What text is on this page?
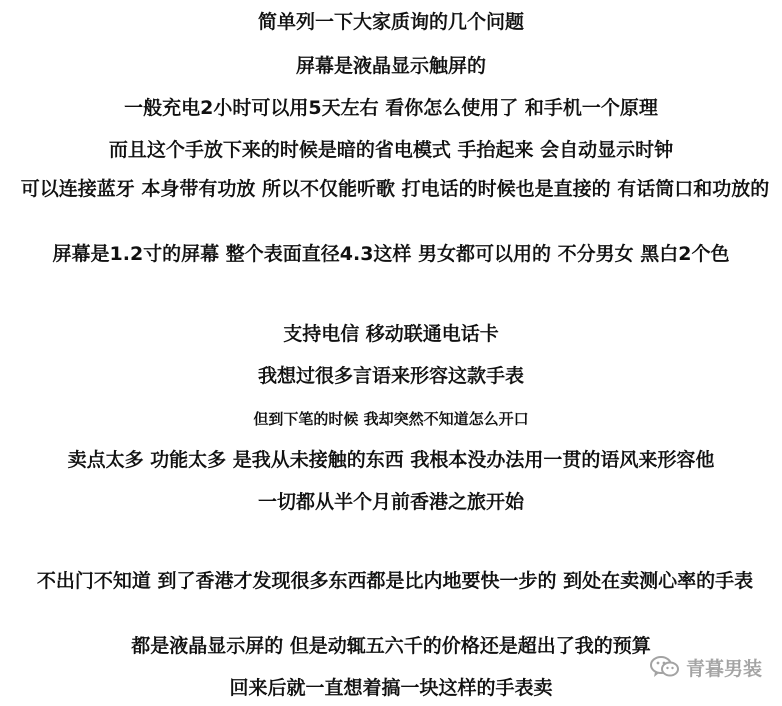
简单列一下大家质询的几个问题
屏幕是液晶显示触屏的
一般充电2小时可以用5天左右 看你怎么使用了 和手机一个原理
而且这个手放下来的时候是暗的省电模式 手抬起来 会自动显示时钟
可以连接蓝牙 本身带有功放 所以不仅能听歌 打电话的时候也是直接的 有话筒口和功放的
屏幕是1.2寸的屏幕 整个表面直径4.3这样 男女都可以用的 不分男女 黑白2个色
支持电信 移动联通电话卡
我想过很多言语来形容这款手表
但到下笔的时候 我却突然不知道怎么开口
卖点太多 功能太多 是我从未接触的东西 我根本没办法用一贯的语风来形容他
一切都从半个月前香港之旅开始
不出门不知道 到了香港才发现很多东西都是比内地要快一步的 到处在卖测心率的手表
都是液晶显示屏的 但是动辄五六千的价格还是超出了我的预算
回来后就一直想着搞一块这样的手表卖
青暮男装
